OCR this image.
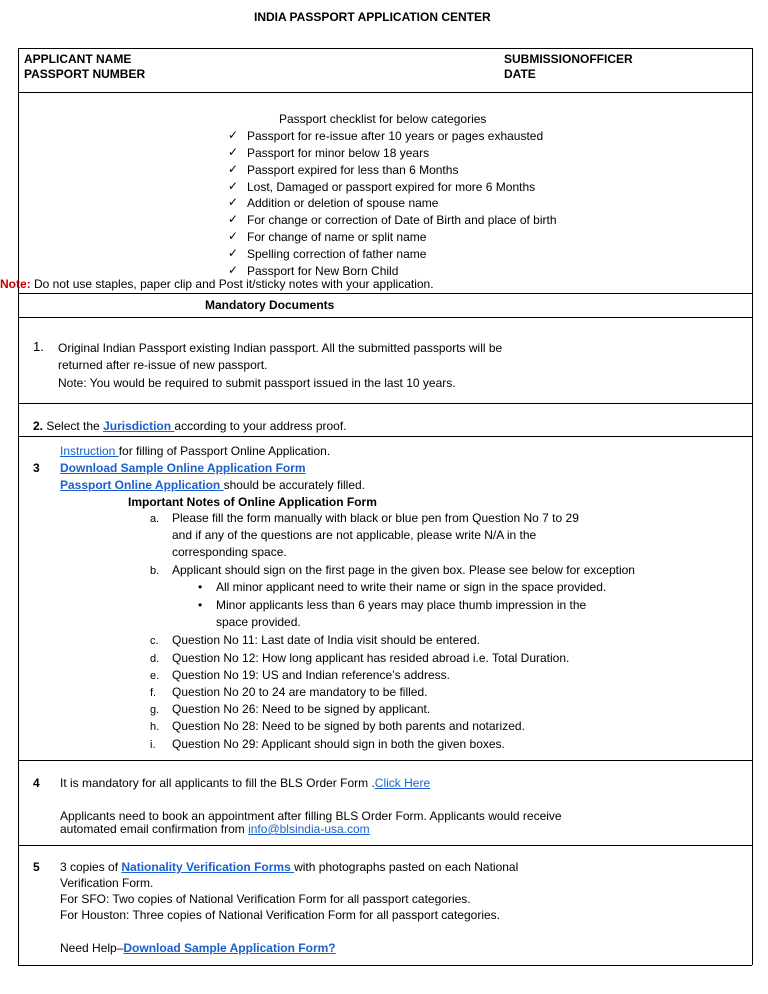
INDIA PASSPORT APPLICATION CENTER
APPLICANT NAME
PASSPORT NUMBER
SUBMISSIONOFFICER
DATE
Passport checklist for below categories
✓ Passport for re-issue after 10 years or pages exhausted
✓ Passport for minor below 18 years
✓ Passport expired for less than 6 Months
✓ Lost, Damaged or passport expired for more 6 Months
✓ Addition or deletion of spouse name
✓ For change or correction of Date of Birth and place of birth
✓ For change of name or split name
✓ Spelling correction of father name
✓ Passport for New Born Child
Note: Do not use staples, paper clip and Post it/sticky notes with your application.
Mandatory Documents
1. Original Indian Passport existing Indian passport. All the submitted passports will be
returned after re-issue of new passport.
Note: You would be required to submit passport issued in the last 10 years.
2. Select the Jurisdiction according to your address proof.
Instruction for filling of Passport Online Application.
3 Download Sample Online Application Form
Passport Online Application should be accurately filled.
Important Notes of Online Application Form
a. Please fill the form manually with black or blue pen from Question No 7 to 29
and if any of the questions are not applicable, please write N/A in the
corresponding space.
b. Applicant should sign on the first page in the given box. Please see below for exception
• All minor applicant need to write their name or sign in the space provided.
• Minor applicants less than 6 years may place thumb impression in the
space provided.
c. Question No 11: Last date of India visit should be entered.
d. Question No 12: How long applicant has resided abroad i.e. Total Duration.
e. Question No 19: US and Indian reference’s address.
f. Question No 20 to 24 are mandatory to be filled.
g. Question No 26: Need to be signed by applicant.
h. Question No 28: Need to be signed by both parents and notarized.
i. Question No 29: Applicant should sign in both the given boxes.
4 It is mandatory for all applicants to fill the BLS Order Form .Click Here
Applicants need to book an appointment after filling BLS Order Form. Applicants would receive
automated email confirmation from info@blsindia-usa.com
5 3 copies of Nationality Verification Forms with photographs pasted on each National
Verification Form.
For SFO: Two copies of National Verification Form for all passport categories.
For Houston: Three copies of National Verification Form for all passport categories.
Need Help–Download Sample Application Form?
